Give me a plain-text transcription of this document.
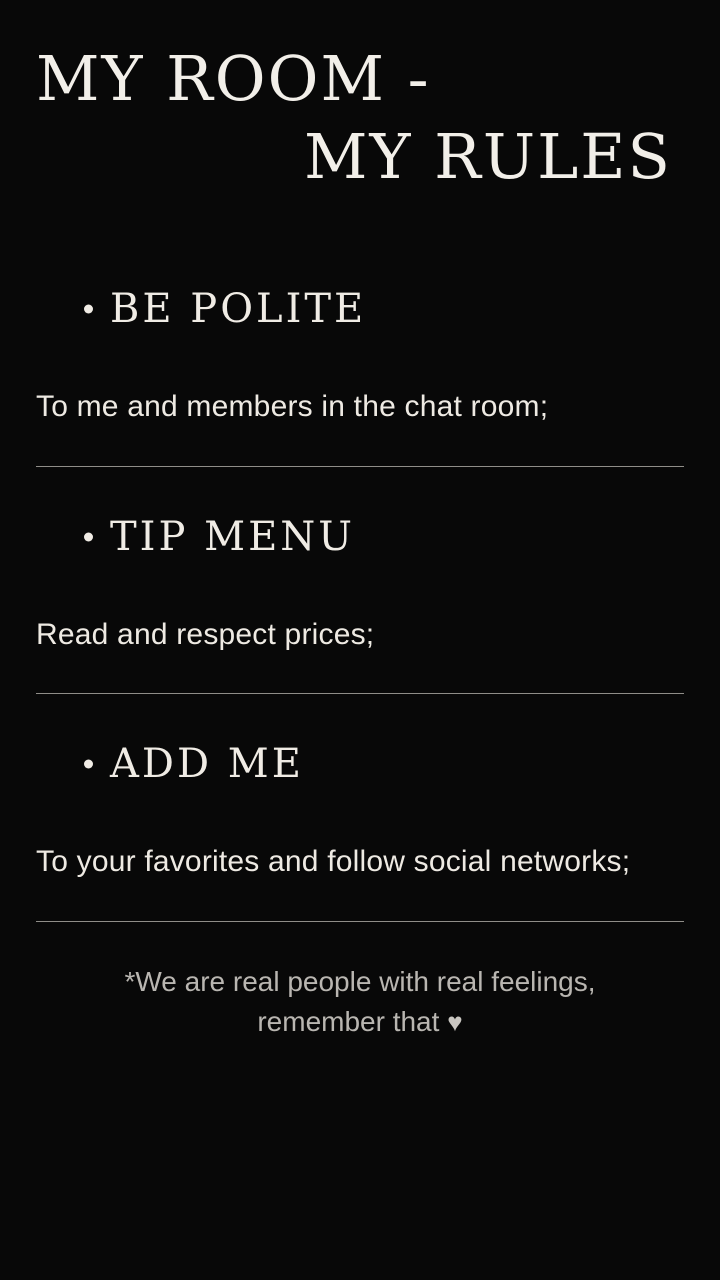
MY ROOM -
MY RULES
BE POLITE
To me and members in the chat room;
TIP MENU
Read and respect prices;
ADD ME
To your favorites and follow social networks;
*We are real people with real feelings, remember that ♥
